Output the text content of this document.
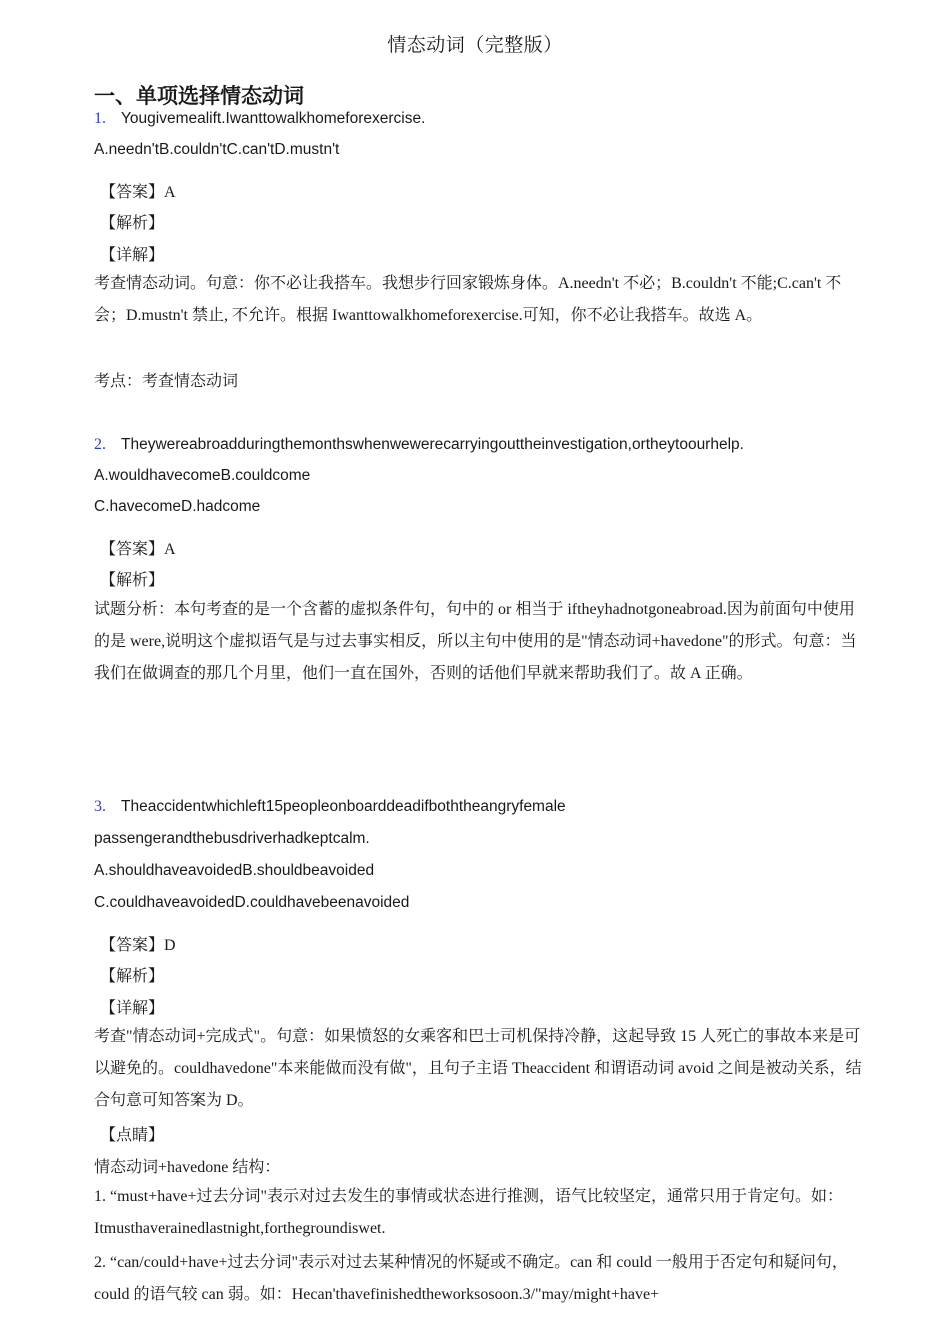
情态动词（完整版）
一、单项选择情态动词
1. Yougivemealift.Iwanttowalkhomeforexercise.
A.needn'tB.couldn'tC.can'tD.mustn't
【答案】A
【解析】
【详解】
考查情态动词。句意：你不必让我搭车。我想步行回家锻炼身体。A.needn't 不必；B.couldn't 不能;C.can't 不会；D.mustn't 禁止, 不允许。根据 Iwanttowalkhomeforexercise.可知，你不必让我搭车。故选 A。
考点：考查情态动词
2. Theywereabroadduringthemonthswhenwewerecarryingouttheinvestigation,ortheytoourhelp.
A.wouldhavecomeB.couldcome
C.havecomeD.hadcome
【答案】A
【解析】
试题分析：本句考查的是一个含蓄的虚拟条件句，句中的 or 相当于 iftheyhadnotgoneabroad.因为前面句中使用的是 were,说明这个虚拟语气是与过去事实相反，所以主句中使用的是"情态动词+havedone"的形式。句意：当我们在做调查的那几个月里，他们一直在国外，否则的话他们早就来帮助我们了。故 A 正确。
3. Theaccidentwhichleft15peopleonboarddeadifboththeangryfemale
passengerandthebusdriverhadkeptcalm.
A.shouldhaveavoidedB.shouldbeavoided
C.couldhaveavoidedD.couldhavebeenavoided
【答案】D
【解析】
【详解】
考查"情态动词+完成式"。句意：如果愤怒的女乘客和巴士司机保持冷静，这起导致 15 人死亡的事故本来是可以避免的。couldhavedone"本来能做而没有做"，且句子主语 Theaccident 和谓语动词 avoid 之间是被动关系，结合句意可知答案为 D。
【点睛】
情态动词+havedone 结构：
1. “must+have+过去分词"表示对过去发生的事情或状态进行推测，语气比较坚定，通常只用于肯定句。如：Itmusthaverainedlastnight,forthegroundiswet.
2. “can/could+have+过去分词"表示对过去某种情况的怀疑或不确定。can 和 could 一般用于否定句和疑问句，could 的语气较 can 弱。如：Hecan'thavefinishedtheworksosoon.3/"may/might+have+
